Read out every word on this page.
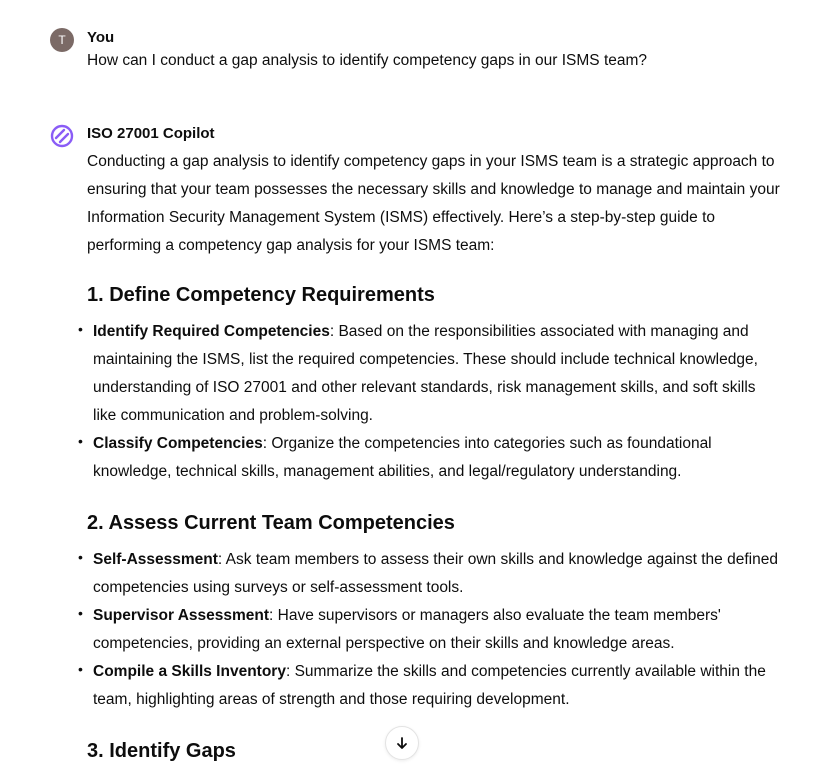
T You
How can I conduct a gap analysis to identify competency gaps in our ISMS team?
ISO 27001 Copilot
Conducting a gap analysis to identify competency gaps in your ISMS team is a strategic approach to ensuring that your team possesses the necessary skills and knowledge to manage and maintain your Information Security Management System (ISMS) effectively. Here’s a step-by-step guide to performing a competency gap analysis for your ISMS team:
1. Define Competency Requirements
• Identify Required Competencies: Based on the responsibilities associated with managing and maintaining the ISMS, list the required competencies. These should include technical knowledge, understanding of ISO 27001 and other relevant standards, risk management skills, and soft skills like communication and problem-solving.
• Classify Competencies: Organize the competencies into categories such as foundational knowledge, technical skills, management abilities, and legal/regulatory understanding.
2. Assess Current Team Competencies
• Self-Assessment: Ask team members to assess their own skills and knowledge against the defined competencies using surveys or self-assessment tools.
• Supervisor Assessment: Have supervisors or managers also evaluate the team members' competencies, providing an external perspective on their skills and knowledge areas.
• Compile a Skills Inventory: Summarize the skills and competencies currently available within the team, highlighting areas of strength and those requiring development.
3. Identify Gaps
